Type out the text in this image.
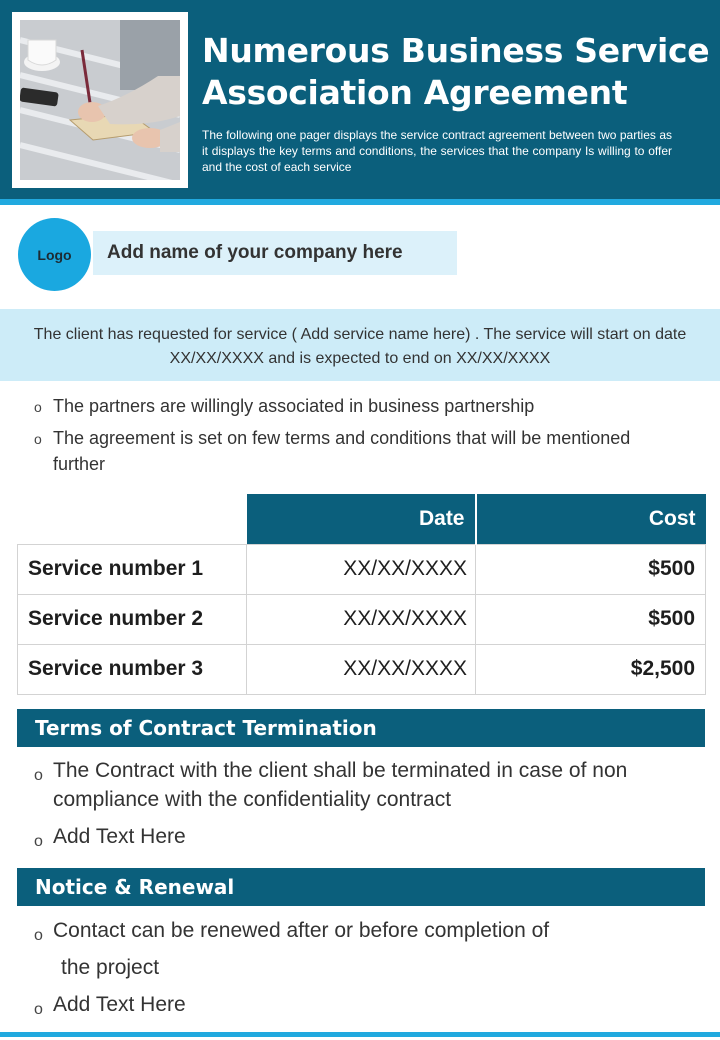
Numerous Business Service Association Agreement

The following one pager displays the service contract agreement between two parties as it displays the key terms and conditions, the services that the company Is willing to offer and the cost of each service

Logo Add name of your company here

The client has requested for service ( Add service name here) . The service will start on date XX/XX/XXXX and is expected to end on XX/XX/XXXX

o The partners are willingly associated in business partnership
o The agreement is set on few terms and conditions that will be mentioned further
	Date	Cost
Service number 1	XX/XX/XXXX	$500
Service number 2	XX/XX/XXXX	$500
Service number 3	XX/XX/XXXX	$2,500
Terms of Contract Termination
o The Contract with the client shall be terminated in case of non compliance with the confidentiality contract
o Add Text Here
Notice & Renewal
o Contact can be renewed after or before completion of
the project
o Add Text Here
